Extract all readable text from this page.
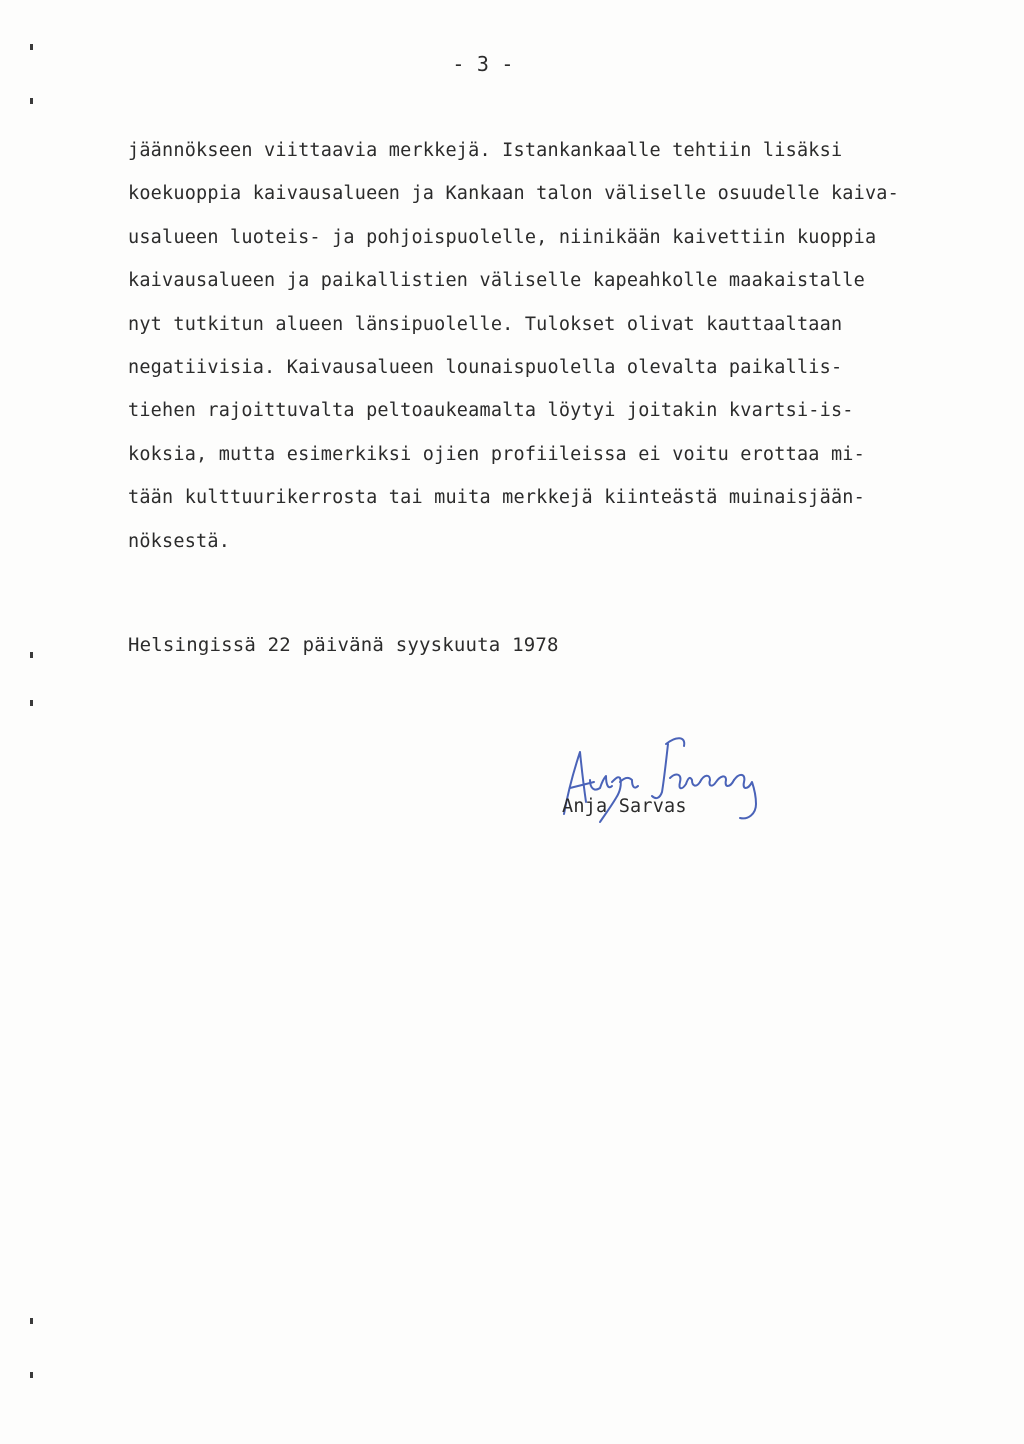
- 3 -
jäännökseen viittaavia merkkejä. Istankankaalle tehtiin lisäksi
koekuoppia kaivausalueen ja Kankaan talon väliselle osuudelle kaiva-
usalueen luoteis- ja pohjoispuolelle, niinikään kaivettiin kuoppia
kaivausalueen ja paikallistien väliselle kapeahkolle maakaistalle
nyt tutkitun alueen länsipuolelle. Tulokset olivat kauttaaltaan
negatiivisia. Kaivausalueen lounaispuolella olevalta paikallis-
tiehen rajoittuvalta peltoaukeamalta löytyi joitakin kvartsi-is-
koksia, mutta esimerkiksi ojien profiileissa ei voitu erottaa mi-
tään kulttuurikerrosta tai muita merkkejä kiinteästä muinaisjään-
nöksestä.
Helsingissä 22 päivänä syyskuuta 1978
Anja Sarvas
